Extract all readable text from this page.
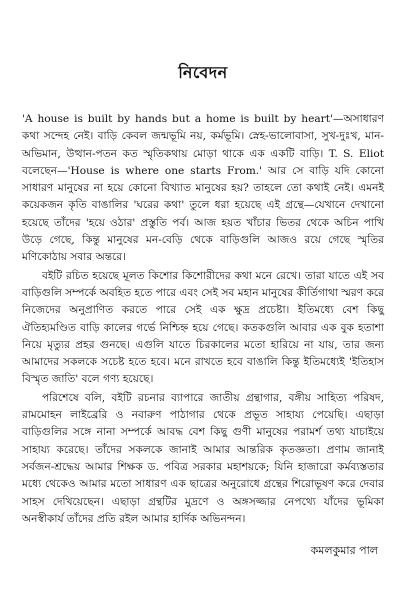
নিবেদন

'A house is built by hands but a home is built by heart'—অসাধারণ কথা সন্দেহ নেই। বাড়ি কেবল জন্মভূমি নয়, কর্মভূমি। স্নেহ-ভালোবাসা, সুখ-দুঃখ, মান-অভিমান, উত্থান-পতন কত স্মৃতিকথায় মোড়া থাকে এক একটি বাড়ি। T. S. Eliot বলেছেন—'House is where one starts From.' আর সে বাড়ি যদি কোনো সাধারণ মানুষের না হয়ে কোনো বিখ্যাত মানুষের হয়? তাহলে তো কথাই নেই। এমনই কয়েকজন কৃতি বাঙালির 'ঘরের কথা' তুলে ধরা হয়েছে এই গ্রন্থে—যেখানে দেখানো হয়েছে তাঁদের 'হয়ে ওঠার' প্রস্তুতি পর্ব। আজ হয়ত খাঁচার ভিতর থেকে অচিন পাখি উড়ে গেছে, কিন্তু মানুষের মন-বেড়ি থেকে বাড়িগুলি আজও রয়ে গেছে স্মৃতির মণিকোঠায় সবার অন্তরে।

বইটি রচিত হয়েছে মূলত কিশোর কিশোরীদের কথা মনে রেখে। তারা যাতে এই সব বাড়িগুলি সম্পর্কে অবহিত হতে পারে এবং সেই সব মহান মানুষের কীর্তিগাথা স্মরণ করে নিজেদের অনুপ্রাণিত করতে পারে সেই এক ক্ষুদ্র প্রচেষ্টা। ইতিমধ্যে বেশ কিছু ঐতিহ্যমণ্ডিত বাড়ি কালের গর্ভে নিশ্চিহ্ন হয়ে গেছে। কতকগুলি আবার এক বুক হতাশা নিয়ে মৃত্যুর প্রহর গুনছে। এগুলি যাতে চিরকালের মতো হারিয়ে না যায়, তার জন্য আমাদের সকলকে সচেষ্ট হতে হবে। মনে রাখতে হবে বাঙালি কিন্তু ইতিমধ্যেই 'ইতিহাস বিস্মৃত জাতি' বলে গণ্য হয়েছে।

পরিশেষে বলি, বইটি রচনার ব্যাপারে জাতীয় গ্রন্থাগার, বঙ্গীয় সাহিত্য পরিষদ, রামমোহন লাইব্রেরি ও নবারুণ পাঠাগার থেকে প্রভূত সাহায্য পেয়েছি। এছাড়া বাড়িগুলির সঙ্গে নানা সম্পর্কে আবদ্ধ বেশ কিছু গুণী মানুষের পরামর্শ তথ্য যাচাইয়ে সাহায্য করেছে। তাঁদের সকলকে জানাই আমার আন্তরিক কৃতজ্ঞতা। প্রণাম জানাই সর্বজন-শ্রদ্ধেয় আমার শিক্ষক ড. পবিত্র সরকার মহাশয়কে; যিনি হাজারো কর্মব্যস্ততার মধ্যে থেকেও আমার মতো সাধারণ এক ছাত্রের অনুরোধে গ্রন্থের শিরোভূষণ করে দেবার সাহস দেখিয়েছেন। এছাড়া গ্রন্থটির মুদ্রণে ও অঙ্গসজ্জার নেপথ্যে যাঁদের ভূমিকা অনস্বীকার্য তাঁদের প্রতি রইল আমার হার্দিক অভিনন্দন।

কমলকুমার পাল
